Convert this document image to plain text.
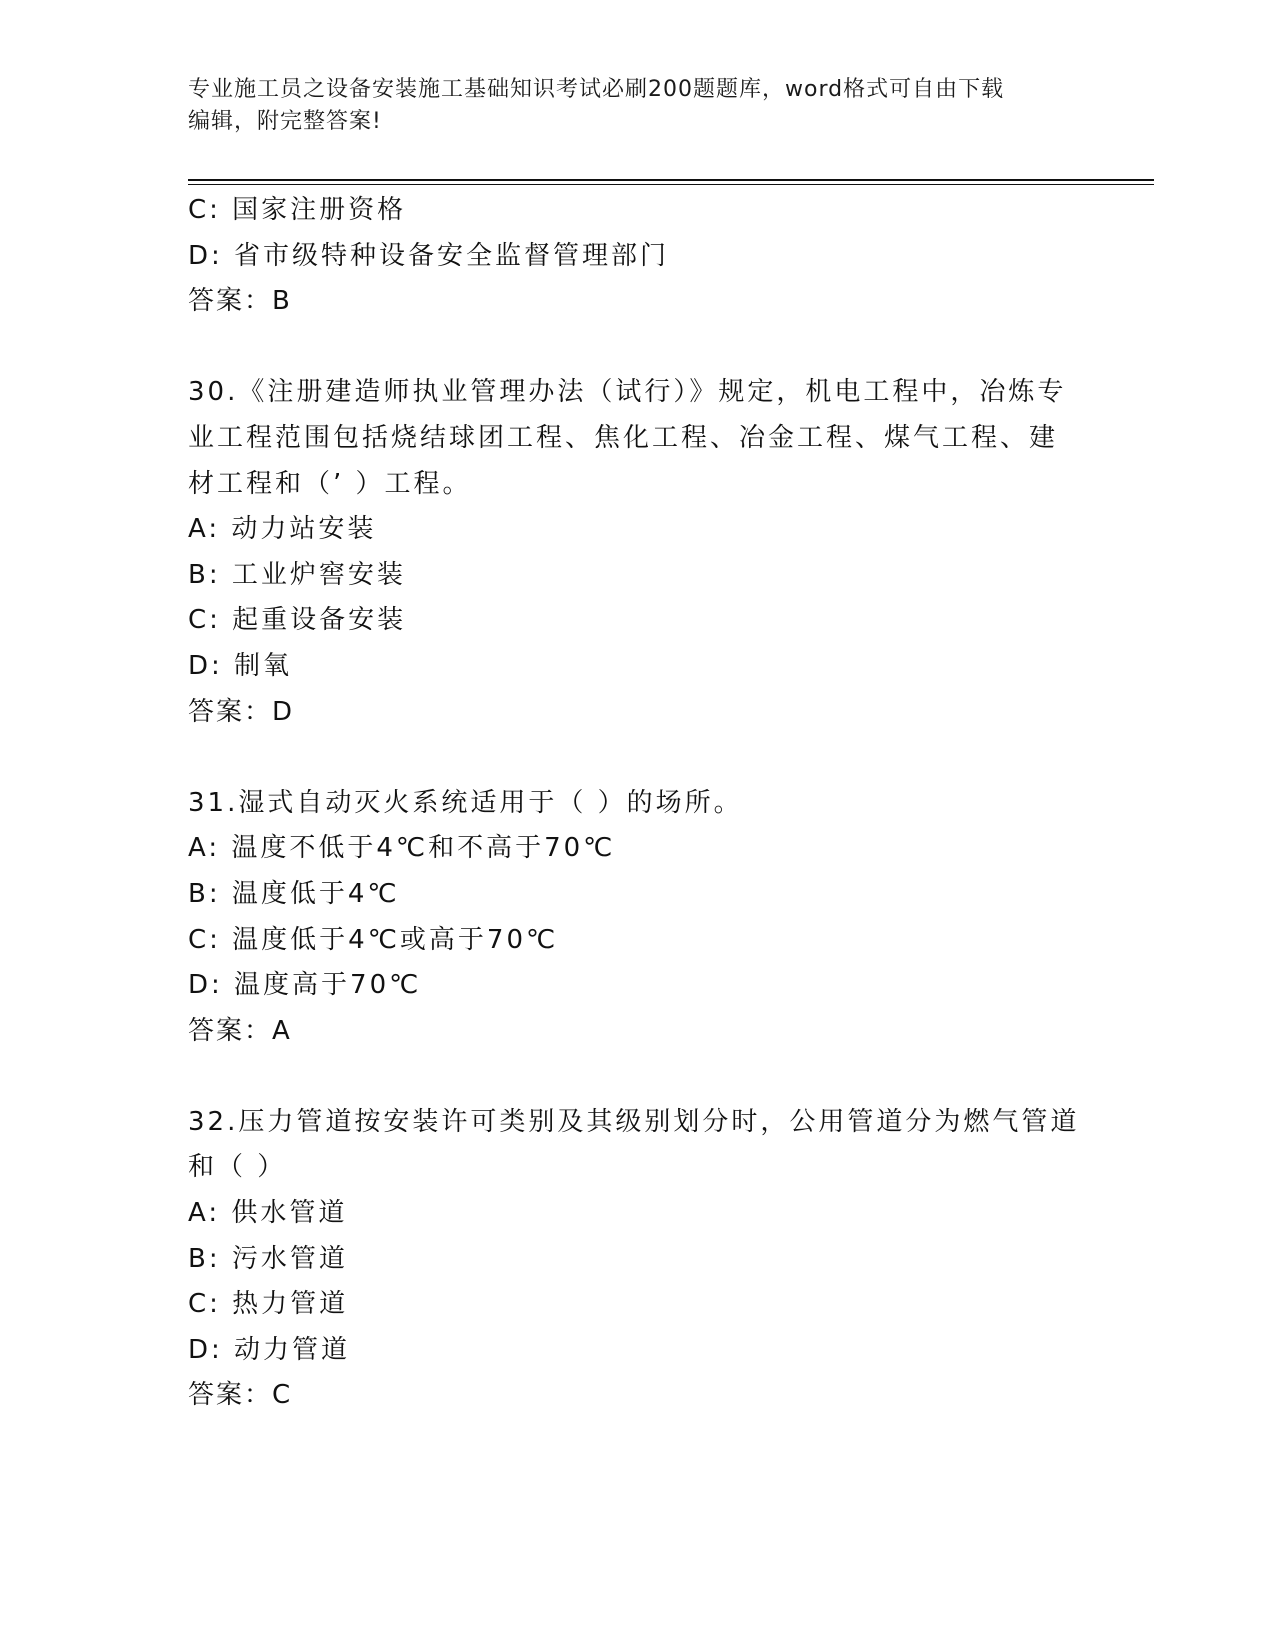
专业施工员之设备安装施工基础知识考试必刷200题题库，word格式可自由下载
编辑，附完整答案!
C: 国家注册资格
D: 省市级特种设备安全监督管理部门
答案：B
30.《注册建造师执业管理办法（试行）》规定，机电工程中，冶炼专
业工程范围包括烧结球团工程、焦化工程、冶金工程、煤气工程、建
材工程和（’ ）工程。
A: 动力站安装
B: 工业炉窖安装
C: 起重设备安装
D: 制氧
答案：D
31.湿式自动灭火系统适用于（ ）的场所。
A: 温度不低于4℃和不高于70℃
B: 温度低于4℃
C: 温度低于4℃或高于70℃
D: 温度高于70℃
答案：A
32.压力管道按安装许可类别及其级别划分时，公用管道分为燃气管道
和（ ）
A: 供水管道
B: 污水管道
C: 热力管道
D: 动力管道
答案：C
